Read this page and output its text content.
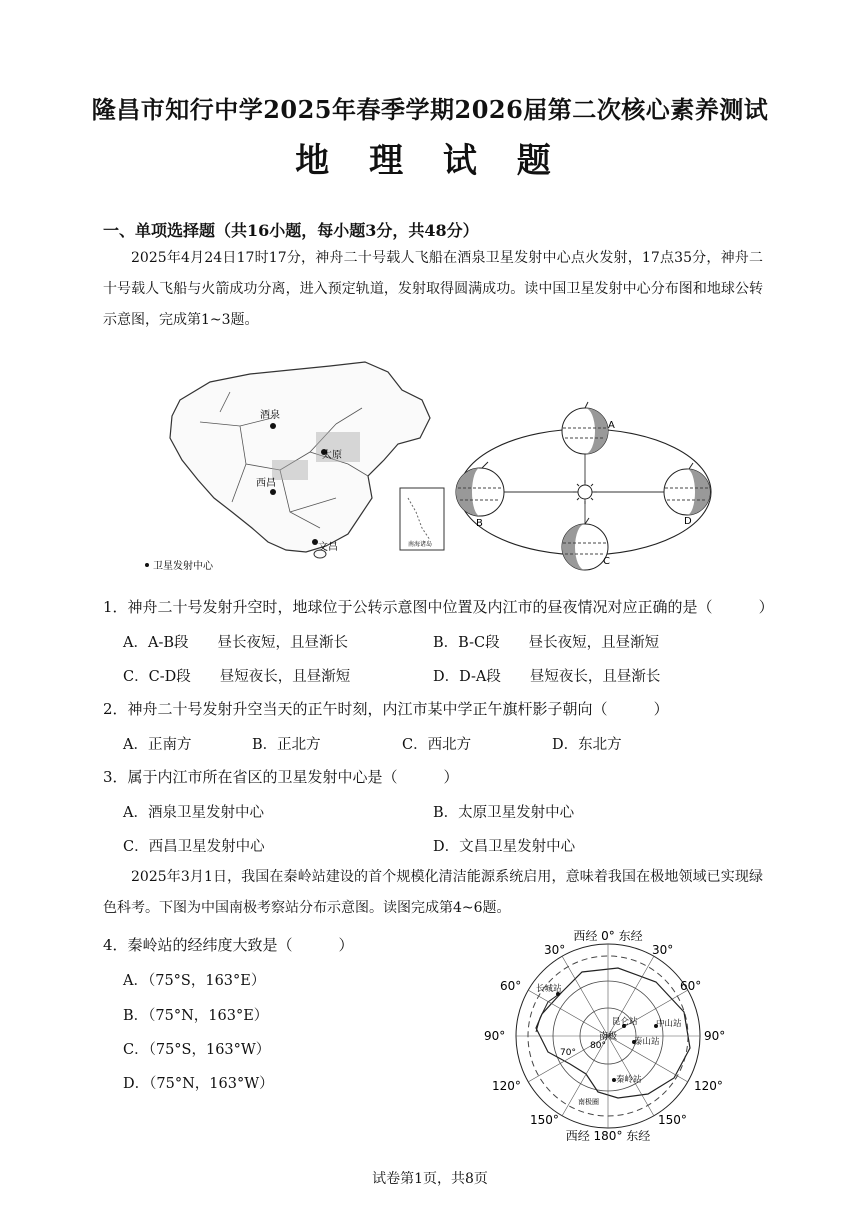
隆昌市知行中学2025年春季学期2026届第二次核心素养测试
地 理 试 题
一、单项选择题（共16小题，每小题3分，共48分）
2025年4月24日17时17分，神舟二十号载人飞船在酒泉卫星发射中心点火发射，17点35分，神舟二十号载人飞船与火箭成功分离，进入预定轨道，发射取得圆满成功。读中国卫星发射中心分布图和地球公转示意图，完成第1~3题。
酒泉
太原
西昌
文昌	南海诸岛
卫星发射中心
A
B
C
D
1．神舟二十号发射升空时，地球位于公转示意图中位置及内江市的昼夜情况对应正确的是（	）
A．A-B段　　昼长夜短，且昼渐长	B．B-C段　　昼长夜短，且昼渐短
C．C-D段　　昼短夜长，且昼渐短	D．D-A段　　昼短夜长，且昼渐长
2．神舟二十号发射升空当天的正午时刻，内江市某中学正午旗杆影子朝向（	）
A．正南方	B．正北方	C．西北方	D．东北方
3．属于内江市所在省区的卫星发射中心是（	）
A．酒泉卫星发射中心	B．太原卫星发射中心
C．西昌卫星发射中心	D．文昌卫星发射中心
2025年3月1日，我国在秦岭站建设的首个规模化清洁能源系统启用，意味着我国在极地领域已实现绿色科考。下图为中国南极考察站分布示意图。读图完成第4~6题。
4．秦岭站的经纬度大致是（	）
A．（75°S，163°E）
B．（75°N，163°E）
C．（75°S，163°W）
D．（75°N，163°W）
西经 0° 东经
西经 180° 东经
30°	30°
60°	60°
90°	90°
120°	120°
150°	150°
70°
80°
南极
长城站
昆仑站 中山站
泰山站
秦岭站
南极圈
试卷第1页，共8页
